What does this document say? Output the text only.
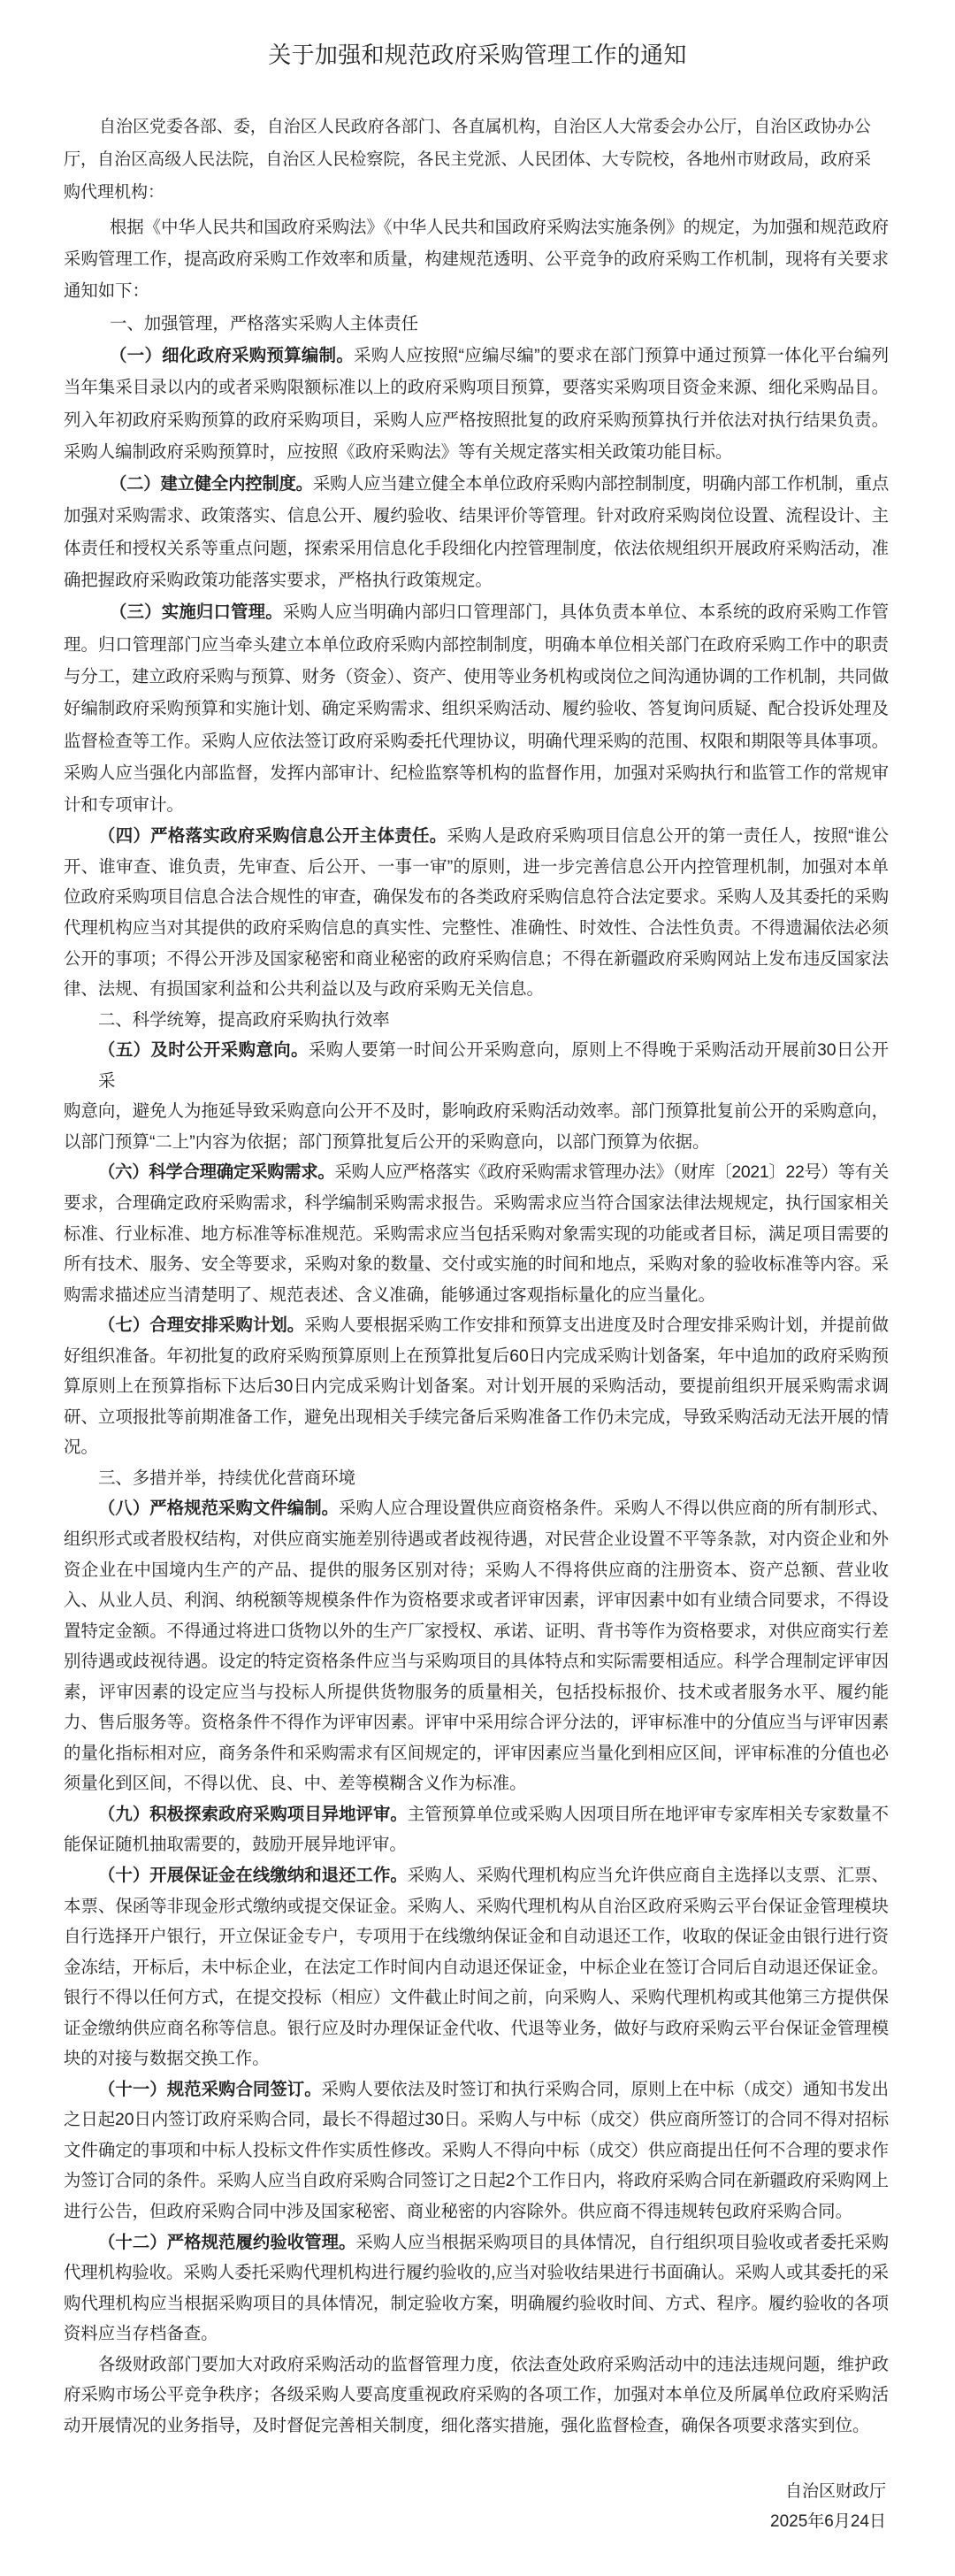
关于加强和规范政府采购管理工作的通知
自治区党委各部、委，自治区人民政府各部门、各直属机构，自治区人大常委会办公厅，自治区政协办公
厅，自治区高级人民法院，自治区人民检察院，各民主党派、人民团体、大专院校，各地州市财政局，政府采
购代理机构：
根据《中华人民共和国政府采购法》《中华人民共和国政府采购法实施条例》的规定，为加强和规范政府
采购管理工作，提高政府采购工作效率和质量，构建规范透明、公平竞争的政府采购工作机制，现将有关要求
通知如下：
一、加强管理，严格落实采购人主体责任
（一）细化政府采购预算编制。采购人应按照“应编尽编”的要求在部门预算中通过预算一体化平台编列
当年集采目录以内的或者采购限额标准以上的政府采购项目预算，要落实采购项目资金来源、细化采购品目。
列入年初政府采购预算的政府采购项目，采购人应严格按照批复的政府采购预算执行并依法对执行结果负责。
采购人编制政府采购预算时，应按照《政府采购法》等有关规定落实相关政策功能目标。
（二）建立健全内控制度。采购人应当建立健全本单位政府采购内部控制制度，明确内部工作机制，重点
加强对采购需求、政策落实、信息公开、履约验收、结果评价等管理。针对政府采购岗位设置、流程设计、主
体责任和授权关系等重点问题，探索采用信息化手段细化内控管理制度，依法依规组织开展政府采购活动，准
确把握政府采购政策功能落实要求，严格执行政策规定。
（三）实施归口管理。采购人应当明确内部归口管理部门，具体负责本单位、本系统的政府采购工作管
理。归口管理部门应当牵头建立本单位政府采购内部控制制度，明确本单位相关部门在政府采购工作中的职责
与分工，建立政府采购与预算、财务（资金）、资产、使用等业务机构或岗位之间沟通协调的工作机制，共同做
好编制政府采购预算和实施计划、确定采购需求、组织采购活动、履约验收、答复询问质疑、配合投诉处理及
监督检查等工作。采购人应依法签订政府采购委托代理协议，明确代理采购的范围、权限和期限等具体事项。
采购人应当强化内部监督，发挥内部审计、纪检监察等机构的监督作用，加强对采购执行和监管工作的常规审
计和专项审计。
（四）严格落实政府采购信息公开主体责任。采购人是政府采购项目信息公开的第一责任人，按照“谁公
开、谁审查、谁负责，先审查、后公开、一事一审”的原则，进一步完善信息公开内控管理机制，加强对本单
位政府采购项目信息合法合规性的审查，确保发布的各类政府采购信息符合法定要求。采购人及其委托的采购
代理机构应当对其提供的政府采购信息的真实性、完整性、准确性、时效性、合法性负责。不得遗漏依法必须
公开的事项；不得公开涉及国家秘密和商业秘密的政府采购信息；不得在新疆政府采购网站上发布违反国家法
律、法规、有损国家利益和公共利益以及与政府采购无关信息。
二、科学统筹，提高政府采购执行效率
（五）及时公开采购意向。采购人要第一时间公开采购意向，原则上不得晚于采购活动开展前30日公开采
购意向，避免人为拖延导致采购意向公开不及时，影响政府采购活动效率。部门预算批复前公开的采购意向，
以部门预算“二上”内容为依据；部门预算批复后公开的采购意向，以部门预算为依据。
（六）科学合理确定采购需求。采购人应严格落实《政府采购需求管理办法》（财库〔2021〕22号）等有关
要求，合理确定政府采购需求，科学编制采购需求报告。采购需求应当符合国家法律法规规定，执行国家相关
标准、行业标准、地方标准等标准规范。采购需求应当包括采购对象需实现的功能或者目标，满足项目需要的
所有技术、服务、安全等要求，采购对象的数量、交付或实施的时间和地点，采购对象的验收标准等内容。采
购需求描述应当清楚明了、规范表述、含义准确，能够通过客观指标量化的应当量化。
（七）合理安排采购计划。采购人要根据采购工作安排和预算支出进度及时合理安排采购计划，并提前做
好组织准备。年初批复的政府采购预算原则上在预算批复后60日内完成采购计划备案，年中追加的政府采购预
算原则上在预算指标下达后30日内完成采购计划备案。对计划开展的采购活动，要提前组织开展采购需求调
研、立项报批等前期准备工作，避免出现相关手续完备后采购准备工作仍未完成，导致采购活动无法开展的情
况。
三、多措并举，持续优化营商环境
（八）严格规范采购文件编制。采购人应合理设置供应商资格条件。采购人不得以供应商的所有制形式、
组织形式或者股权结构，对供应商实施差别待遇或者歧视待遇，对民营企业设置不平等条款，对内资企业和外
资企业在中国境内生产的产品、提供的服务区别对待；采购人不得将供应商的注册资本、资产总额、营业收
入、从业人员、利润、纳税额等规模条件作为资格要求或者评审因素，评审因素中如有业绩合同要求，不得设
置特定金额。不得通过将进口货物以外的生产厂家授权、承诺、证明、背书等作为资格要求，对供应商实行差
别待遇或歧视待遇。设定的特定资格条件应当与采购项目的具体特点和实际需要相适应。科学合理制定评审因
素，评审因素的设定应当与投标人所提供货物服务的质量相关，包括投标报价、技术或者服务水平、履约能
力、售后服务等。资格条件不得作为评审因素。评审中采用综合评分法的，评审标准中的分值应当与评审因素
的量化指标相对应，商务条件和采购需求有区间规定的，评审因素应当量化到相应区间，评审标准的分值也必
须量化到区间，不得以优、良、中、差等模糊含义作为标准。
（九）积极探索政府采购项目异地评审。主管预算单位或采购人因项目所在地评审专家库相关专家数量不
能保证随机抽取需要的，鼓励开展异地评审。
（十）开展保证金在线缴纳和退还工作。采购人、采购代理机构应当允许供应商自主选择以支票、汇票、
本票、保函等非现金形式缴纳或提交保证金。采购人、采购代理机构从自治区政府采购云平台保证金管理模块
自行选择开户银行，开立保证金专户，专项用于在线缴纳保证金和自动退还工作，收取的保证金由银行进行资
金冻结，开标后，未中标企业，在法定工作时间内自动退还保证金，中标企业在签订合同后自动退还保证金。
银行不得以任何方式，在提交投标（相应）文件截止时间之前，向采购人、采购代理机构或其他第三方提供保
证金缴纳供应商名称等信息。银行应及时办理保证金代收、代退等业务，做好与政府采购云平台保证金管理模
块的对接与数据交换工作。
（十一）规范采购合同签订。采购人要依法及时签订和执行采购合同，原则上在中标（成交）通知书发出
之日起20日内签订政府采购合同，最长不得超过30日。采购人与中标（成交）供应商所签订的合同不得对招标
文件确定的事项和中标人投标文件作实质性修改。采购人不得向中标（成交）供应商提出任何不合理的要求作
为签订合同的条件。采购人应当自政府采购合同签订之日起2个工作日内，将政府采购合同在新疆政府采购网上
进行公告，但政府采购合同中涉及国家秘密、商业秘密的内容除外。供应商不得违规转包政府采购合同。
（十二）严格规范履约验收管理。采购人应当根据采购项目的具体情况，自行组织项目验收或者委托采购
代理机构验收。采购人委托采购代理机构进行履约验收的,应当对验收结果进行书面确认。采购人或其委托的采
购代理机构应当根据采购项目的具体情况，制定验收方案，明确履约验收时间、方式、程序。履约验收的各项
资料应当存档备查。
各级财政部门要加大对政府采购活动的监督管理力度，依法查处政府采购活动中的违法违规问题，维护政
府采购市场公平竞争秩序；各级采购人要高度重视政府采购的各项工作，加强对本单位及所属单位政府采购活
动开展情况的业务指导，及时督促完善相关制度，细化落实措施，强化监督检查，确保各项要求落实到位。
自治区财政厅
2025年6月24日
